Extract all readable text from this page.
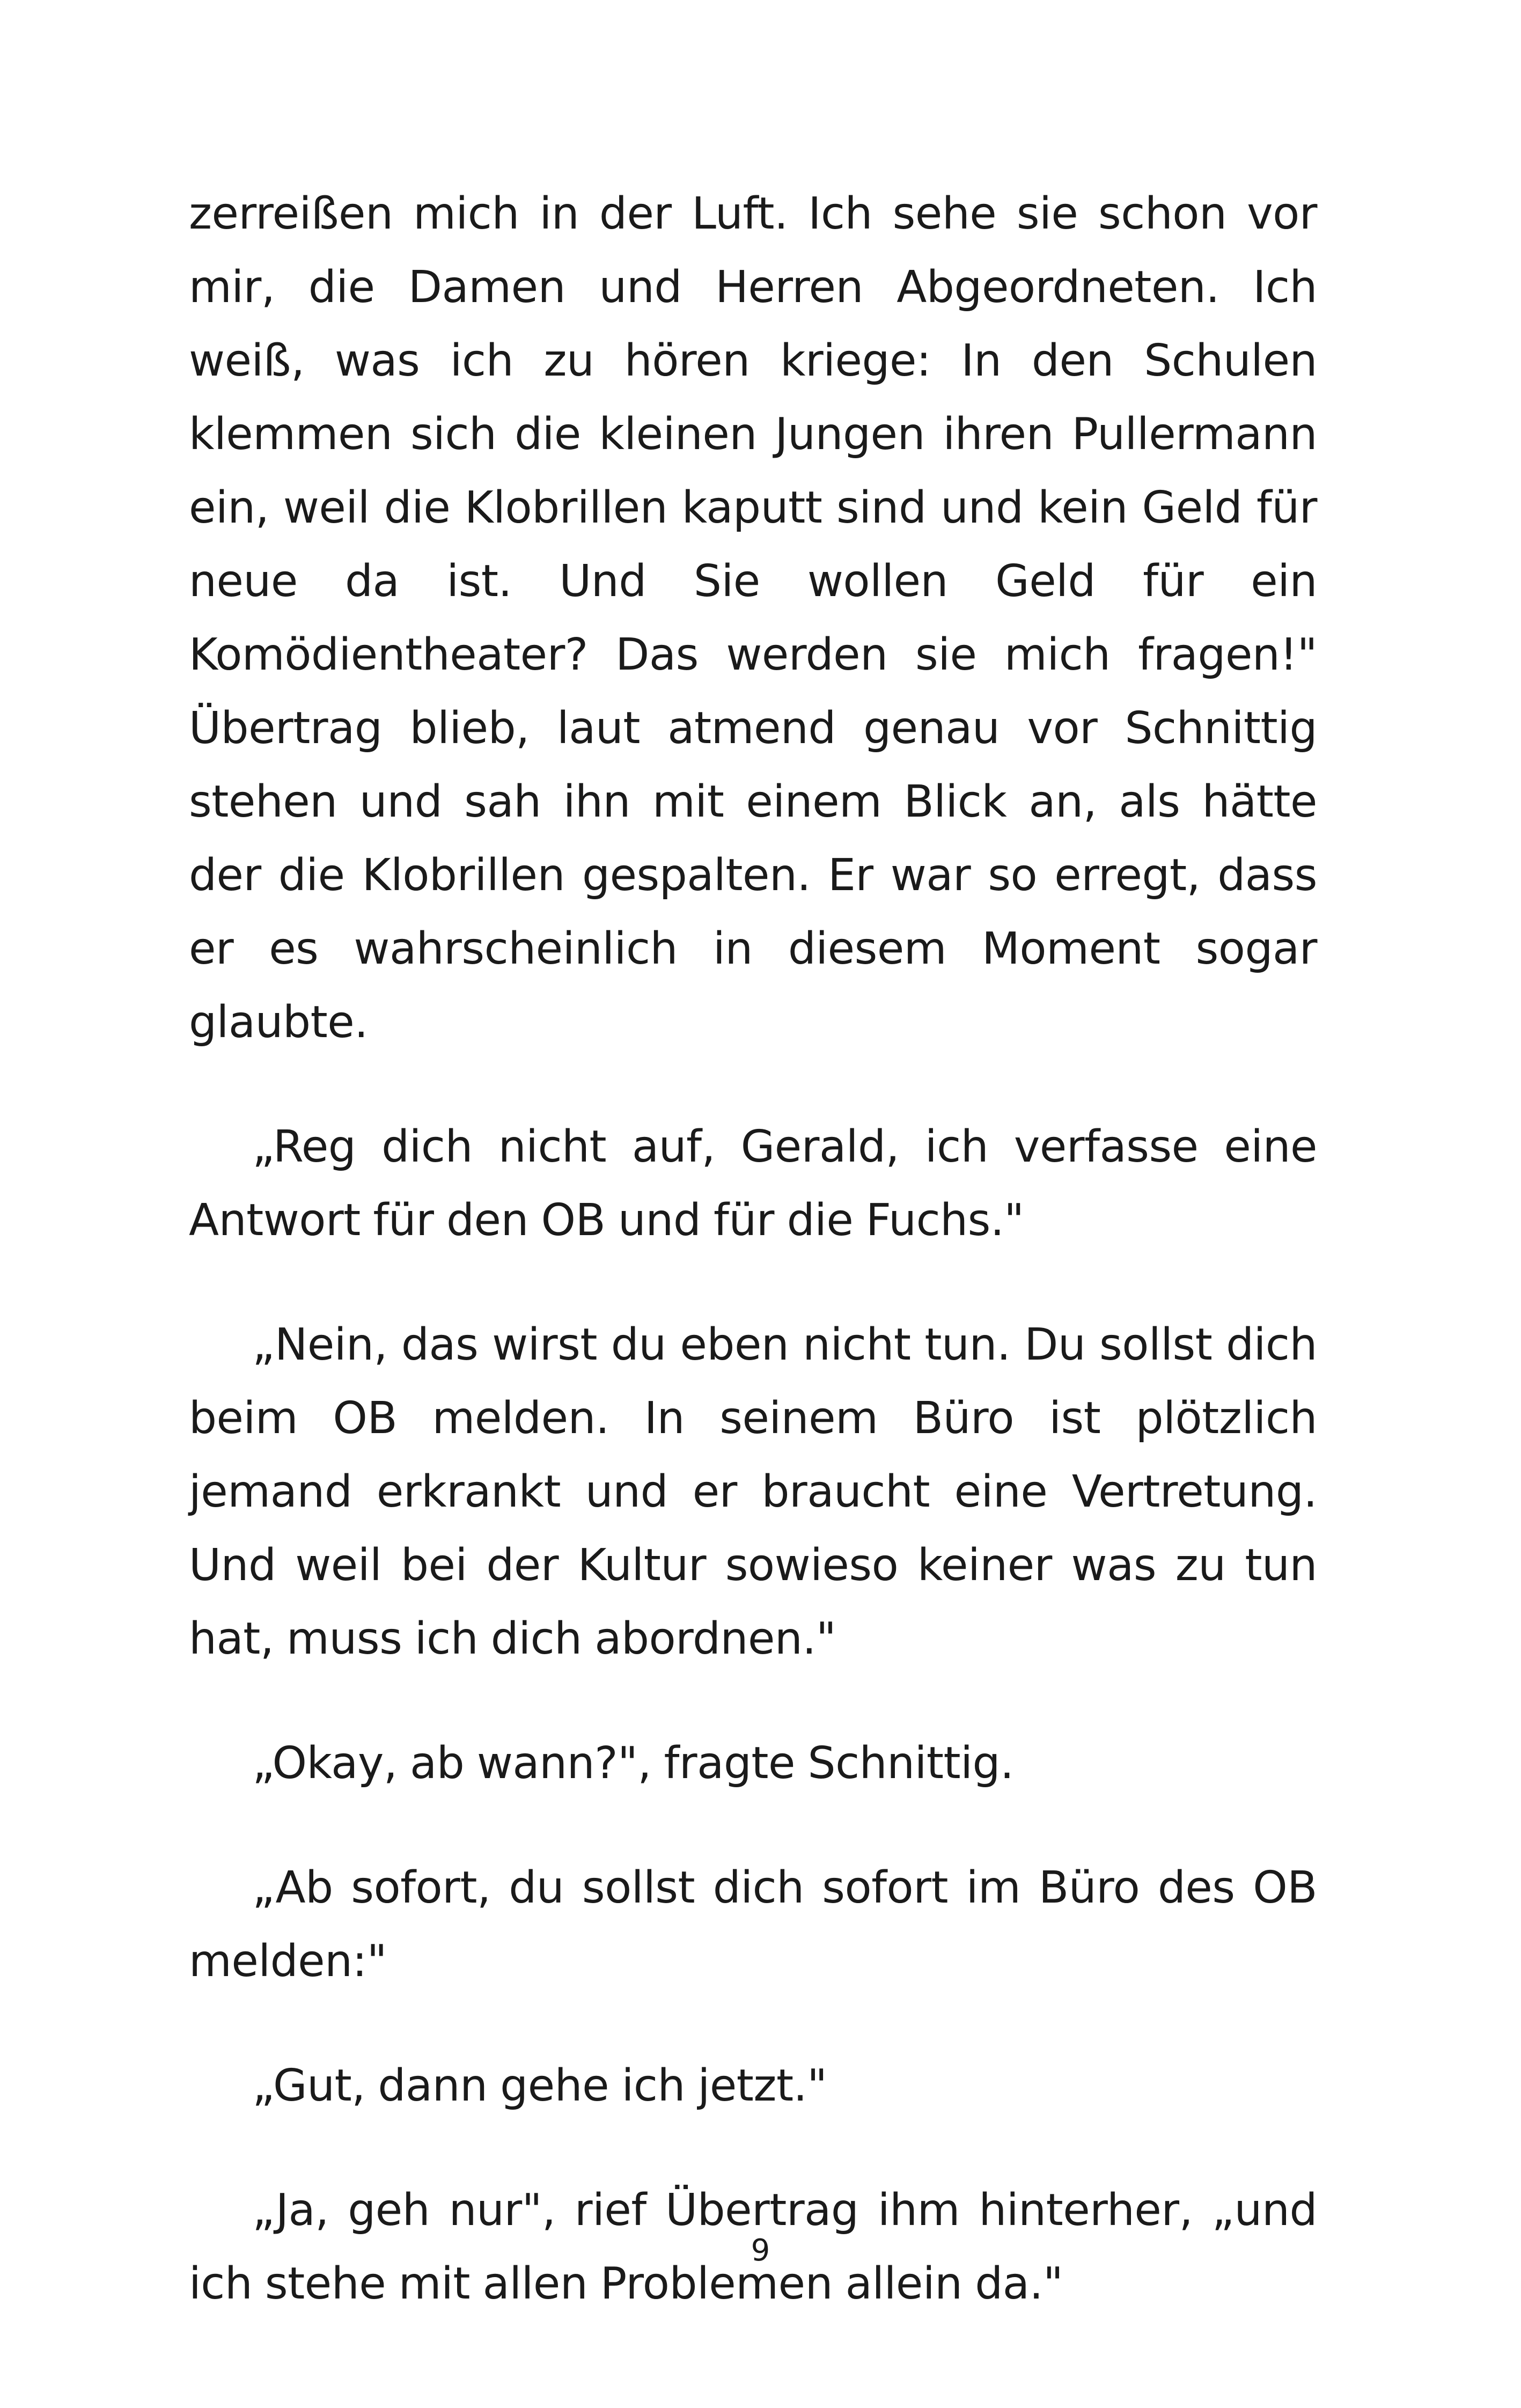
zerreißen mich in der Luft. Ich sehe sie schon vor mir, die Damen und Herren Abgeordneten. Ich weiß, was ich zu hören kriege: In den Schulen klemmen sich die kleinen Jungen ihren Pullermann ein, weil die Klobrillen kaputt sind und kein Geld für neue da ist. Und Sie wollen Geld für ein Komödientheater? Das werden sie mich fragen!" Übertrag blieb, laut atmend genau vor Schnittig stehen und sah ihn mit einem Blick an, als hätte der die Klobrillen gespalten. Er war so erregt, dass er es wahrscheinlich in diesem Moment sogar glaubte.

„Reg dich nicht auf, Gerald, ich verfasse eine Antwort für den OB und für die Fuchs."

„Nein, das wirst du eben nicht tun. Du sollst dich beim OB melden. In seinem Büro ist plötzlich jemand erkrankt und er braucht eine Vertretung. Und weil bei der Kultur sowieso keiner was zu tun hat, muss ich dich abordnen."

„Okay, ab wann?", fragte Schnittig.

„Ab sofort, du sollst dich sofort im Büro des OB melden:"

„Gut, dann gehe ich jetzt."

„Ja, geh nur", rief Übertrag ihm hinterher, „und ich stehe mit allen Problemen allein da."

9
